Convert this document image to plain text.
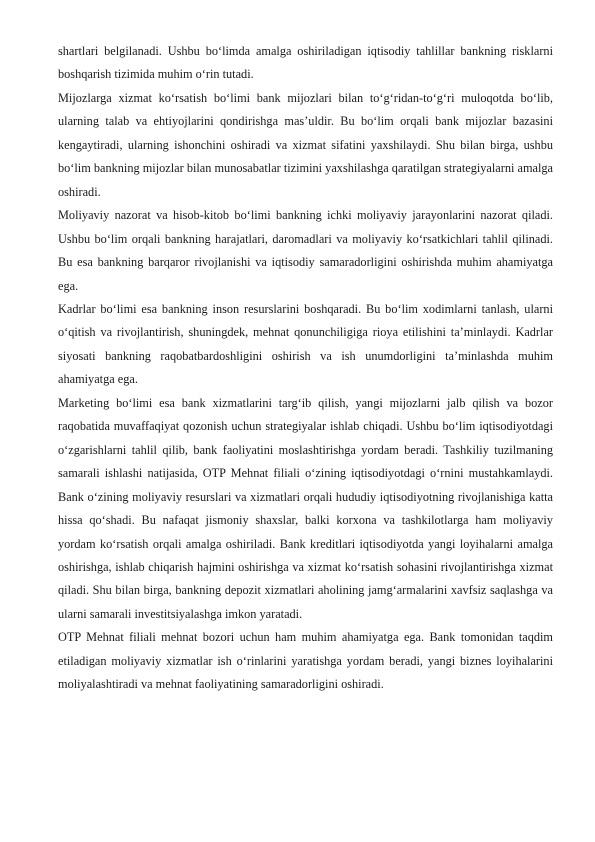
shartlari belgilanadi. Ushbu bo‘limda amalga oshiriladigan iqtisodiy tahlillar bankning risklarni boshqarish tizimida muhim o‘rin tutadi.

Mijozlarga xizmat ko‘rsatish bo‘limi bank mijozlari bilan to‘g‘ridan-to‘g‘ri muloqotda bo‘lib, ularning talab va ehtiyojlarini qondirishga mas’uldir. Bu bo‘lim orqali bank mijozlar bazasini kengaytiradi, ularning ishonchini oshiradi va xizmat sifatini yaxshilaydi. Shu bilan birga, ushbu bo‘lim bankning mijozlar bilan munosabatlar tizimini yaxshilashga qaratilgan strategiyalarni amalga oshiradi.

Moliyaviy nazorat va hisob-kitob bo‘limi bankning ichki moliyaviy jarayonlarini nazorat qiladi. Ushbu bo‘lim orqali bankning harajatlari, daromadlari va moliyaviy ko‘rsatkichlari tahlil qilinadi. Bu esa bankning barqaror rivojlanishi va iqtisodiy samaradorligini oshirishda muhim ahamiyatga ega.

Kadrlar bo‘limi esa bankning inson resurslarini boshqaradi. Bu bo‘lim xodimlarni tanlash, ularni o‘qitish va rivojlantirish, shuningdek, mehnat qonunchiligiga rioya etilishini ta’minlaydi. Kadrlar siyosati bankning raqobatbardoshligini oshirish va ish unumdorligini ta’minlashda muhim ahamiyatga ega.

Marketing bo‘limi esa bank xizmatlarini targ‘ib qilish, yangi mijozlarni jalb qilish va bozor raqobatida muvaffaqiyat qozonish uchun strategiyalar ishlab chiqadi. Ushbu bo‘lim iqtisodiyotdagi o‘zgarishlarni tahlil qilib, bank faoliyatini moslashtirishga yordam beradi. Tashkiliy tuzilmaning samarali ishlashi natijasida, OTP Mehnat filiali o‘zining iqtisodiyotdagi o‘rnini mustahkamlaydi. Bank o‘zining moliyaviy resurslari va xizmatlari orqali hududiy iqtisodiyotning rivojlanishiga katta hissa qo‘shadi. Bu nafaqat jismoniy shaxslar, balki korxona va tashkilotlarga ham moliyaviy yordam ko‘rsatish orqali amalga oshiriladi. Bank kreditlari iqtisodiyotda yangi loyihalarni amalga oshirishga, ishlab chiqarish hajmini oshirishga va xizmat ko‘rsatish sohasini rivojlantirishga xizmat qiladi. Shu bilan birga, bankning depozit xizmatlari aholining jamg‘armalarini xavfsiz saqlashga va ularni samarali investitsiyalashga imkon yaratadi.

OTP Mehnat filiali mehnat bozori uchun ham muhim ahamiyatga ega. Bank tomonidan taqdim etiladigan moliyaviy xizmatlar ish o‘rinlarini yaratishga yordam beradi, yangi biznes loyihalarini moliyalashtiradi va mehnat faoliyatining samaradorligini oshiradi.
